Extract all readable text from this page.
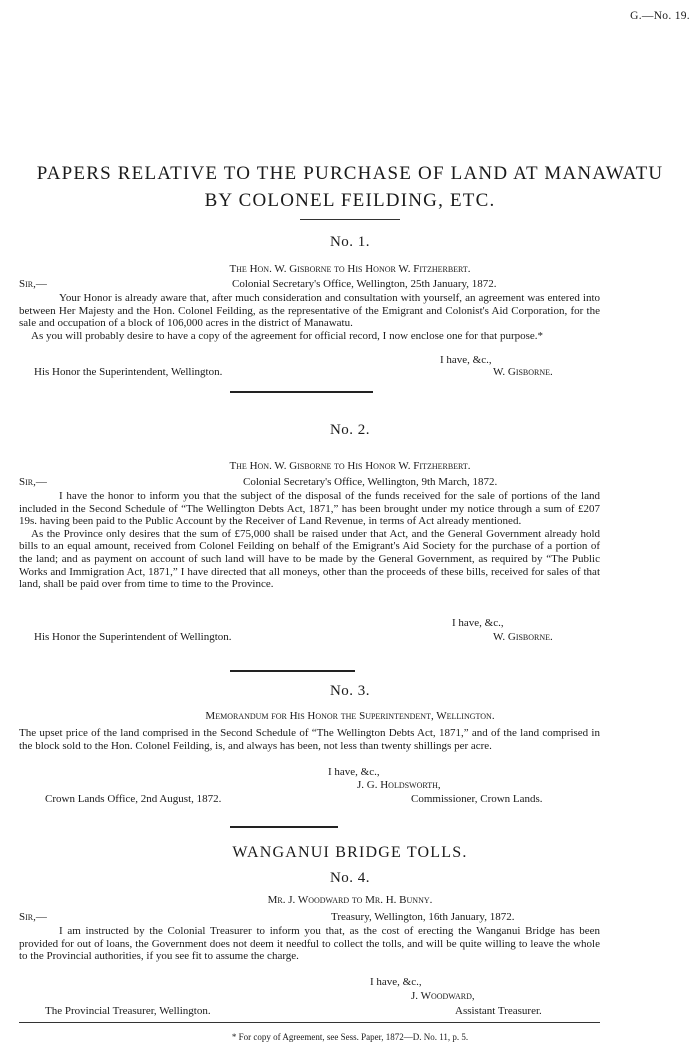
G.—No. 19.
PAPERS RELATIVE TO THE PURCHASE OF LAND AT MANAWATU
BY COLONEL FEILDING, ETC.
No. 1.
The Hon. W. Gisborne to His Honor W. Fitzherbert.
Sir,—	Colonial Secretary's Office, Wellington, 25th January, 1872.

Your Honor is already aware that, after much consideration and consultation with yourself, an agreement was entered into between Her Majesty and the Hon. Colonel Feilding, as the representative of the Emigrant and Colonist's Aid Corporation, for the sale and occupation of a block of 106,000 acres in the district of Manawatu.

As you will probably desire to have a copy of the agreement for official record, I now enclose one for that purpose.*

I have, &c.,
W. Gisborne.
His Honor the Superintendent, Wellington.
No. 2.
The Hon. W. Gisborne to His Honor W. Fitzherbert.
Sir,—	Colonial Secretary's Office, Wellington, 9th March, 1872.

I have the honor to inform you that the subject of the disposal of the funds received for the sale of portions of the land included in the Second Schedule of “The Wellington Debts Act, 1871,” has been brought under my notice through a sum of £207 19s. having been paid to the Public Account by the Receiver of Land Revenue, in terms of Act already mentioned.

As the Province only desires that the sum of £75,000 shall be raised under that Act, and the General Government already hold bills to an equal amount, received from Colonel Feilding on behalf of the Emigrant's Aid Society for the purchase of a portion of the land; and as payment on account of such land will have to be made by the General Government, as required by “The Public Works and Immigration Act, 1871,” I have directed that all moneys, other than the proceeds of these bills, received for sales of that land, shall be paid over from time to time to the Province.

I have, &c.,
W. Gisborne.
His Honor the Superintendent of Wellington.
No. 3.
Memorandum for His Honor the Superintendent, Wellington.

The upset price of the land comprised in the Second Schedule of “The Wellington Debts Act, 1871,” and of the land comprised in the block sold to the Hon. Colonel Feilding, is, and always has been, not less than twenty shillings per acre.

I have, &c.,
J. G. Holdsworth,
Crown Lands Office, 2nd August, 1872.	Commissioner, Crown Lands.
WANGANUI BRIDGE TOLLS.
No. 4.
Mr. J. Woodward to Mr. H. Bunny.
Sir,—	Treasury, Wellington, 16th January, 1872.

I am instructed by the Colonial Treasurer to inform you that, as the cost of erecting the Wanganui Bridge has been provided for out of loans, the Government does not deem it needful to collect the tolls, and will be quite willing to leave the whole to the Provincial authorities, if you see fit to assume the charge.

I have, &c.,
J. Woodward,
The Provincial Treasurer, Wellington.	Assistant Treasurer.
* For copy of Agreement, see Sess. Paper, 1872—D. No. 11, p. 5.
